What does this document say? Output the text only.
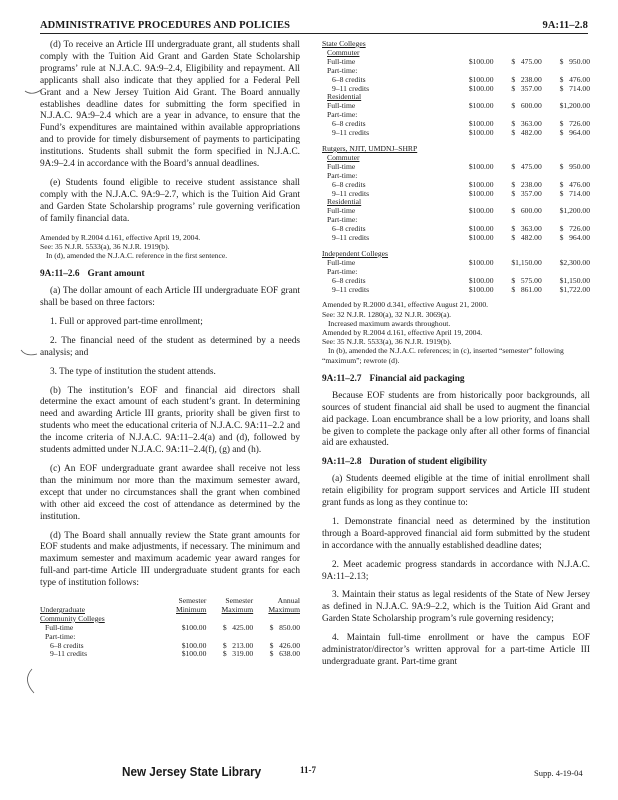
ADMINISTRATIVE PROCEDURES AND POLICIES	9A:11–2.8

(d) To receive an Article III undergraduate grant, all students shall comply with the Tuition Aid Grant and Garden State Scholarship programs’ rule at N.J.A.C. 9A:9–2.4, Eligibility and repayment. All applicants shall also indicate that they applied for a Federal Pell Grant and a New Jersey Tuition Aid Grant. The Board annually establishes deadline dates for submitting the form specified in N.J.A.C. 9A:9–2.4 which are a year in advance, to ensure that the Fund’s expenditures are maintained within available appropriations and to provide for timely disbursement of payments to participating institutions. Students shall submit the form specified in N.J.A.C. 9A:9–2.4 in accordance with the Board’s annual deadlines.

(e) Students found eligible to receive student assistance shall comply with the N.J.A.C. 9A:9–2.7, which is the Tuition Aid Grant and Garden State Scholarship programs’ rule governing verification of family financial data.

Amended by R.2004 d.161, effective April 19, 2004.
See: 35 N.J.R. 5533(a), 36 N.J.R. 1919(b).
In (d), amended the N.J.A.C. reference in the first sentence.
9A:11–2.6 Grant amount

(a) The dollar amount of each Article III undergraduate EOF grant shall be based on three factors:

1. Full or approved part-time enrollment;
2. The financial need of the student as determined by a needs analysis; and
3. The type of institution the student attends.

(b) The institution’s EOF and financial aid directors shall determine the exact amount of each student’s grant. In determining need and awarding Article III grants, priority shall be given first to students who meet the educational criteria of N.J.A.C. 9A:11–2.2 and the income criteria of N.J.A.C. 9A:11–2.4(a) and (d), followed by students admitted under N.J.A.C. 9A:11–2.4(f), (g) and (h).

(c) An EOF undergraduate grant awardee shall receive not less than the minimum nor more than the maximum semester award, except that under no circumstances shall the grant when combined with other aid exceed the cost of attendance as determined by the institution.

(d) The Board shall annually review the State grant amounts for EOF students and make adjustments, if necessary. The minimum and maximum semester and maximum academic year award ranges for full-and part-time Article III undergraduate student grants for each type of institution follows:

	Semester	Semester	Annual
Undergraduate	Minimum	Maximum	Maximum
Community Colleges			
Full-time	$100.00	$   425.00	$   850.00
Part-time:			
6–8 credits	$100.00	$   213.00	$   426.00
9–11 credits	$100.00	$   319.00	$   638.00
State Colleges			
Commuter			
Full-time	$100.00	$   475.00	$   950.00
Part-time:			
6–8 credits	$100.00	$   238.00	$   476.00
9–11 credits	$100.00	$   357.00	$   714.00
Residential			
Full-time	$100.00	$   600.00	$1,200.00
Part-time:			
6–8 credits	$100.00	$   363.00	$   726.00
9–11 credits	$100.00	$   482.00	$   964.00

Rutgers, NJIT, UMDNJ–SHRP			
Commuter			
Full-time	$100.00	$   475.00	$   950.00
Part-time:			
6–8 credits	$100.00	$   238.00	$   476.00
9–11 credits	$100.00	$   357.00	$   714.00
Residential			
Full-time	$100.00	$   600.00	$1,200.00
Part-time:			
6–8 credits	$100.00	$   363.00	$   726.00
9–11 credits	$100.00	$   482.00	$   964.00

Independent Colleges			
Full-time	$100.00	$1,150.00	$2,300.00
Part-time:			
6–8 credits	$100.00	$   575.00	$1,150.00
9–11 credits	$100.00	$   861.00	$1,722.00
Amended by R.2000 d.341, effective August 21, 2000.
See: 32 N.J.R. 1280(a), 32 N.J.R. 3069(a).
Increased maximum awards throughout.
Amended by R.2004 d.161, effective April 19, 2004.
See: 35 N.J.R. 5533(a), 36 N.J.R. 1919(b).
In (b), amended the N.J.A.C. references; in (c), inserted “semester” following “maximum”; rewrote (d).
9A:11–2.7 Financial aid packaging

Because EOF students are from historically poor backgrounds, all sources of student financial aid shall be used to augment the financial aid package. Loan encumbrance shall be a low priority, and loans shall be given to complete the package only after all other forms of financial aid are exhausted.

9A:11–2.8 Duration of student eligibility

(a) Students deemed eligible at the time of initial enrollment shall retain eligibility for program support services and Article III student grant funds as long as they continue to:

1. Demonstrate financial need as determined by the institution through a Board-approved financial aid form submitted by the student in accordance with the annually established deadline dates;
2. Meet academic progress standards in accordance with N.J.A.C. 9A:11–2.13;
3. Maintain their status as legal residents of the State of New Jersey as defined in N.J.A.C. 9A:9–2.2, which is the Tuition Aid Grant and Garden State Scholarship program’s rule governing residency;
4. Maintain full-time enrollment or have the campus EOF administrator/director’s written approval for a part-time Article III undergraduate grant. Part-time grant
New Jersey State Library	11-7	Supp. 4-19-04
